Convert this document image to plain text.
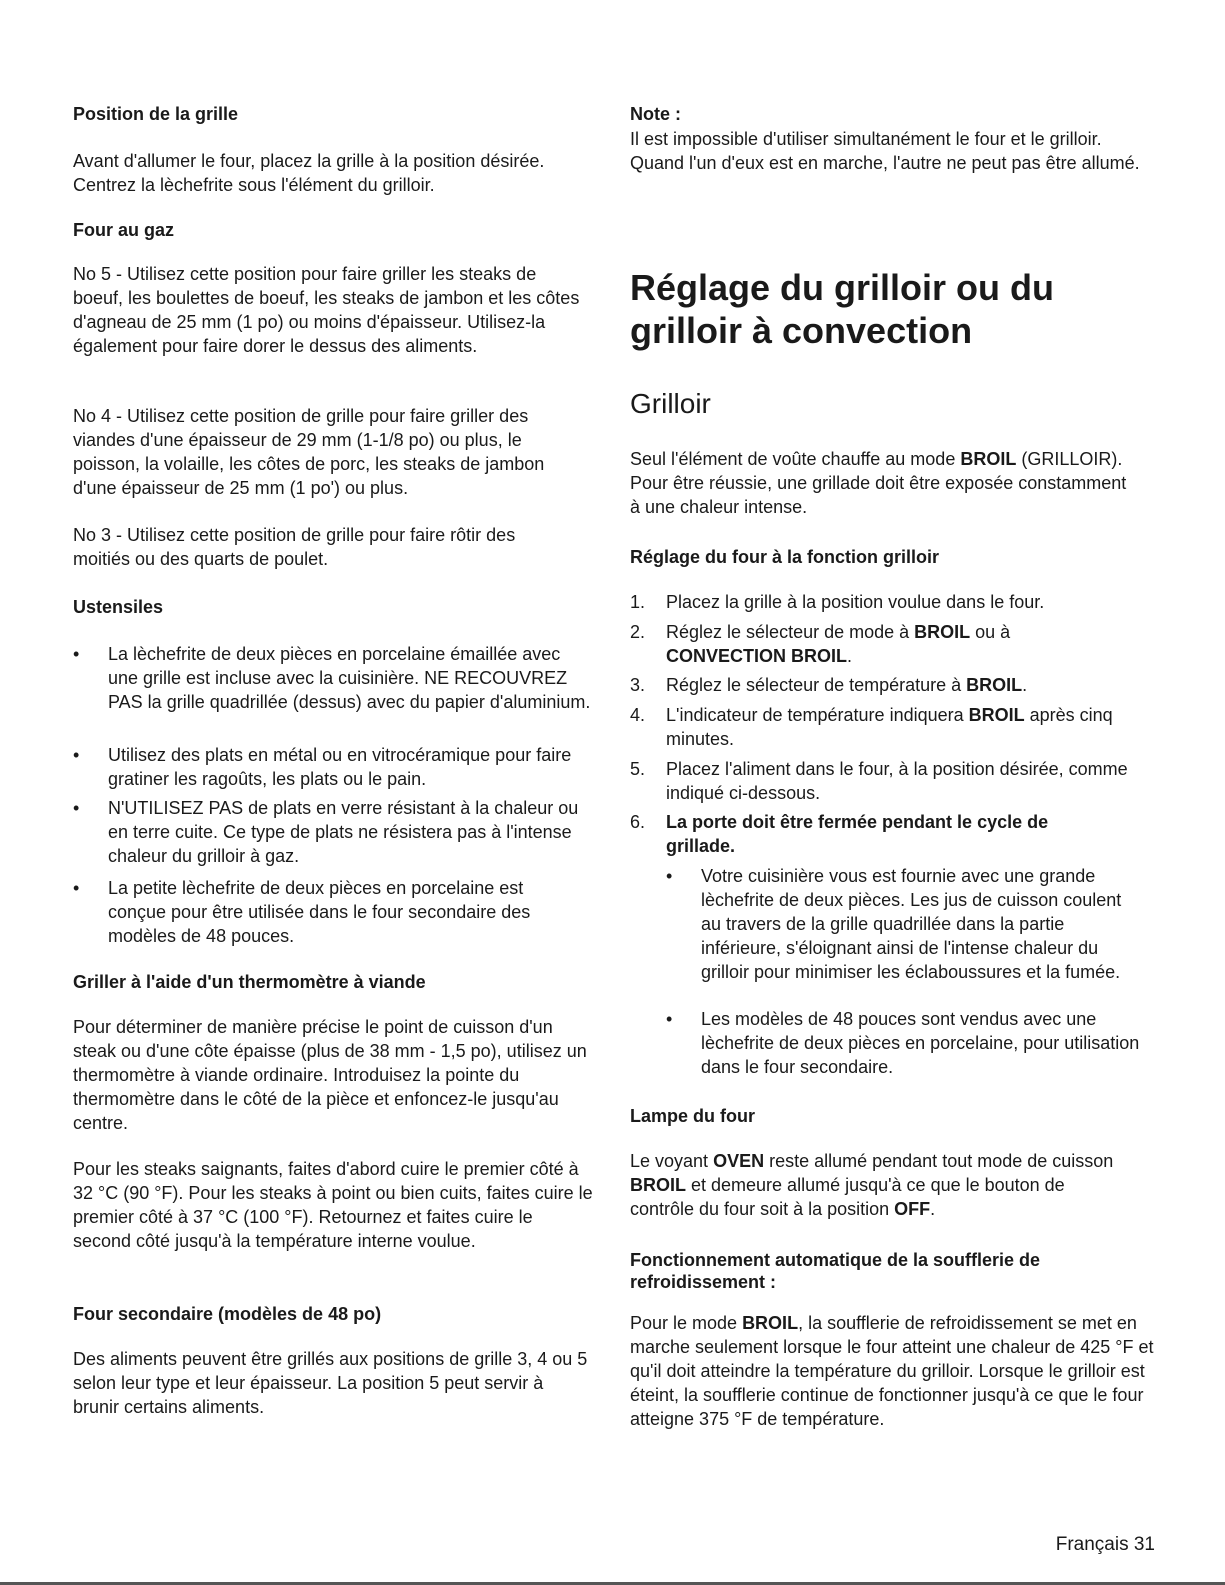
Position de la grille

Avant d'allumer le four, placez la grille à la position désirée. Centrez la lèchefrite sous l'élément du grilloir.

Four au gaz

No 5 - Utilisez cette position pour faire griller les steaks de boeuf, les boulettes de boeuf, les steaks de jambon et les côtes d'agneau de 25 mm (1 po) ou moins d'épaisseur. Utilisez-la également pour faire dorer le dessus des aliments.

No 4 - Utilisez cette position de grille pour faire griller des viandes d'une épaisseur de 29 mm (1-1/8 po) ou plus, le poisson, la volaille, les côtes de porc, les steaks de jambon d'une épaisseur de 25 mm (1 po') ou plus.

No 3 - Utilisez cette position de grille pour faire rôtir des moitiés ou des quarts de poulet.

Ustensiles
• La lèchefrite de deux pièces en porcelaine émaillée avec une grille est incluse avec la cuisinière. NE RECOUVREZ PAS la grille quadrillée (dessus) avec du papier d'aluminium.
• Utilisez des plats en métal ou en vitrocéramique pour faire gratiner les ragoûts, les plats ou le pain.
• N'UTILISEZ PAS de plats en verre résistant à la chaleur ou en terre cuite. Ce type de plats ne résistera pas à l'intense chaleur du grilloir à gaz.
• La petite lèchefrite de deux pièces en porcelaine est conçue pour être utilisée dans le four secondaire des modèles de 48 pouces.
Griller à l'aide d'un thermomètre à viande

Pour déterminer de manière précise le point de cuisson d'un steak ou d'une côte épaisse (plus de 38 mm - 1,5 po), utilisez un thermomètre à viande ordinaire. Introduisez la pointe du thermomètre dans le côté de la pièce et enfoncez-le jusqu'au centre.

Pour les steaks saignants, faites d'abord cuire le premier côté à 32 °C (90 °F). Pour les steaks à point ou bien cuits, faites cuire le premier côté à 37 °C (100 °F). Retournez et faites cuire le second côté jusqu'à la température interne voulue.

Four secondaire (modèles de 48 po)

Des aliments peuvent être grillés aux positions de grille 3, 4 ou 5 selon leur type et leur épaisseur. La position 5 peut servir à brunir certains aliments.

Note :

Il est impossible d'utiliser simultanément le four et le grilloir. Quand l'un d'eux est en marche, l'autre ne peut pas être allumé.

Réglage du grilloir ou du grilloir à convection
Grilloir

Seul l'élément de voûte chauffe au mode BROIL (GRILLOIR). Pour être réussie, une grillade doit être exposée constamment à une chaleur intense.

Réglage du four à la fonction grilloir
1. Placez la grille à la position voulue dans le four.
2. Réglez le sélecteur de mode à BROIL ou à
CONVECTION BROIL.
3. Réglez le sélecteur de température à BROIL.
4. L'indicateur de température indiquera BROIL après cinq minutes.
5. Placez l'aliment dans le four, à la position désirée, comme indiqué ci-dessous.
6. La porte doit être fermée pendant le cycle de grillade.
• Votre cuisinière vous est fournie avec une grande lèchefrite de deux pièces. Les jus de cuisson coulent au travers de la grille quadrillée dans la partie inférieure, s'éloignant ainsi de l'intense chaleur du grilloir pour minimiser les éclaboussures et la fumée.
• Les modèles de 48 pouces sont vendus avec une lèchefrite de deux pièces en porcelaine, pour utilisation dans le four secondaire.
Lampe du four

Le voyant OVEN reste allumé pendant tout mode de cuisson BROIL et demeure allumé jusqu'à ce que le bouton de contrôle du four soit à la position OFF.

Fonctionnement automatique de la soufflerie de refroidissement :

Pour le mode BROIL, la soufflerie de refroidissement se met en marche seulement lorsque le four atteint une chaleur de 425 °F et qu'il doit atteindre la température du grilloir. Lorsque le grilloir est éteint, la soufflerie continue de fonctionner jusqu'à ce que le four atteigne 375 °F de température.

Français 31
